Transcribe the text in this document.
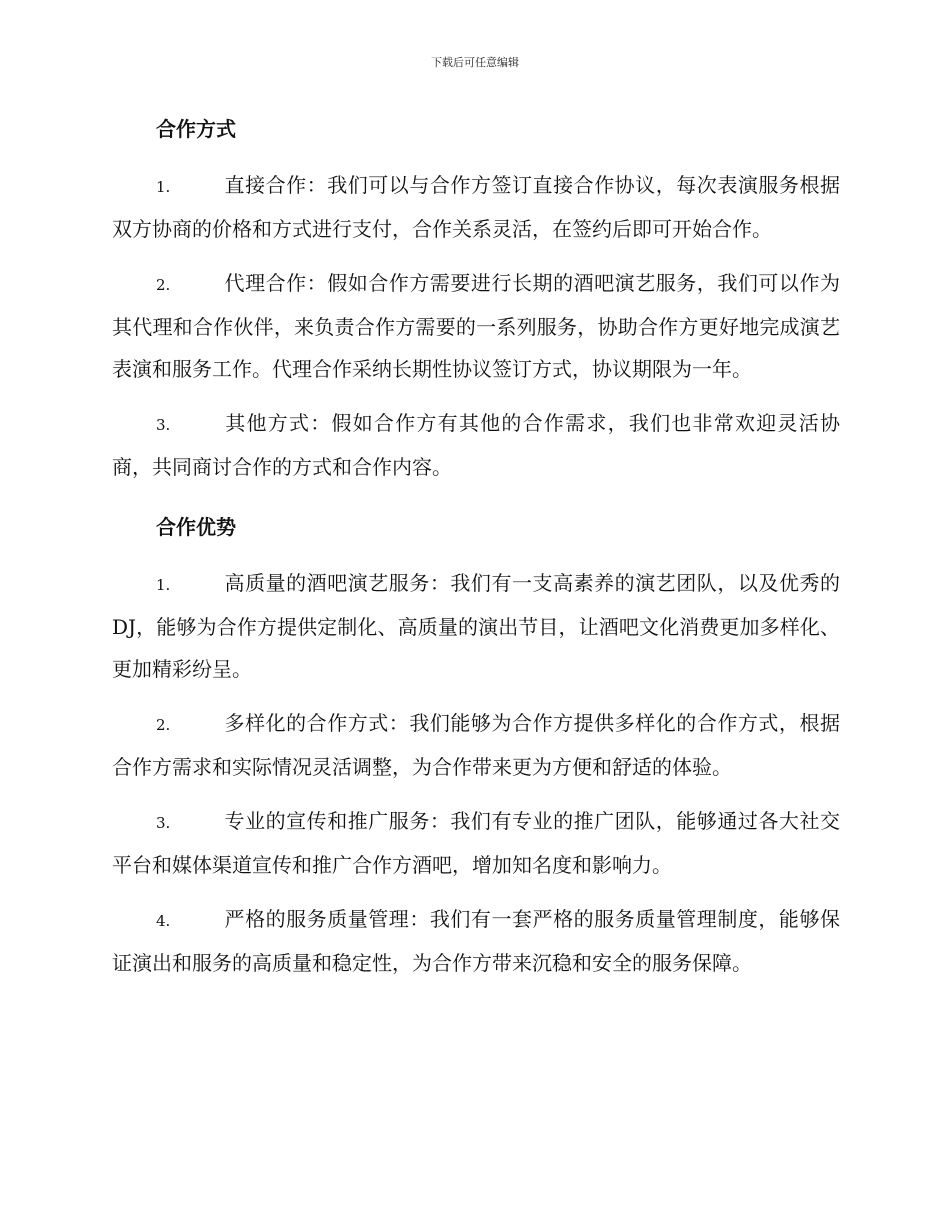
下载后可任意编辑
合作方式
1.	直接合作：我们可以与合作方签订直接合作协议，每次表演服务根据双方协商的价格和方式进行支付，合作关系灵活，在签约后即可开始合作。
2.	代理合作：假如合作方需要进行长期的酒吧演艺服务，我们可以作为其代理和合作伙伴，来负责合作方需要的一系列服务，协助合作方更好地完成演艺表演和服务工作。代理合作采纳长期性协议签订方式，协议期限为一年。
3.	其他方式：假如合作方有其他的合作需求，我们也非常欢迎灵活协商，共同商讨合作的方式和合作内容。
合作优势
1.	高质量的酒吧演艺服务：我们有一支高素养的演艺团队，以及优秀的DJ，能够为合作方提供定制化、高质量的演出节目，让酒吧文化消费更加多样化、更加精彩纷呈。
2.	多样化的合作方式：我们能够为合作方提供多样化的合作方式，根据合作方需求和实际情况灵活调整，为合作带来更为方便和舒适的体验。
3.	专业的宣传和推广服务：我们有专业的推广团队，能够通过各大社交平台和媒体渠道宣传和推广合作方酒吧，增加知名度和影响力。
4.	严格的服务质量管理：我们有一套严格的服务质量管理制度，能够保证演出和服务的高质量和稳定性，为合作方带来沉稳和安全的服务保障。
